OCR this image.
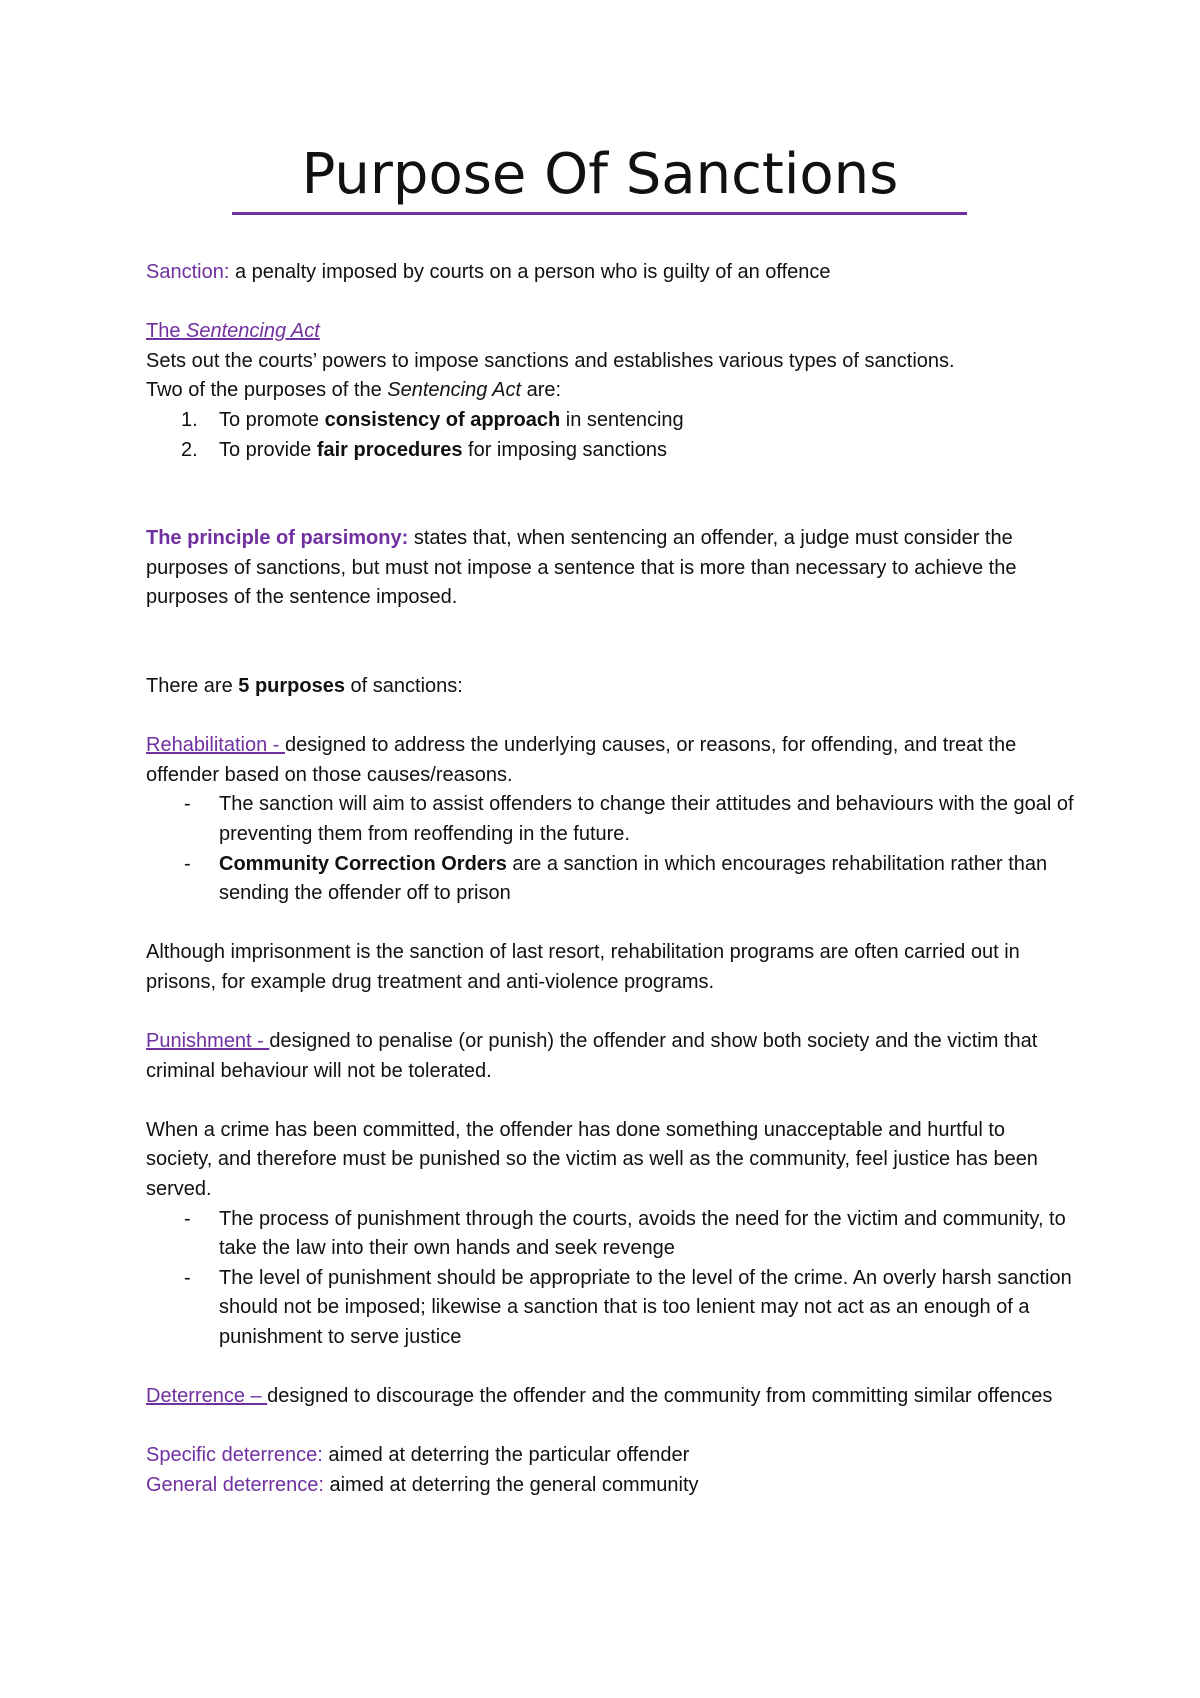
Purpose Of Sanctions

Sanction: a penalty imposed by courts on a person who is guilty of an offence

The Sentencing Act

Sets out the courts’ powers to impose sanctions and establishes various types of sanctions.

Two of the purposes of the Sentencing Act are:

1. To promote consistency of approach in sentencing
2. To provide fair procedures for imposing sanctions

The principle of parsimony: states that, when sentencing an offender, a judge must consider the purposes of sanctions, but must not impose a sentence that is more than necessary to achieve the purposes of the sentence imposed.

There are 5 purposes of sanctions:

Rehabilitation - designed to address the underlying causes, or reasons, for offending, and treat the offender based on those causes/reasons.

- The sanction will aim to assist offenders to change their attitudes and behaviours with the goal of preventing them from reoffending in the future.
- Community Correction Orders are a sanction in which encourages rehabilitation rather than sending the offender off to prison

Although imprisonment is the sanction of last resort, rehabilitation programs are often carried out in prisons, for example drug treatment and anti-violence programs.

Punishment - designed to penalise (or punish) the offender and show both society and the victim that criminal behaviour will not be tolerated.

When a crime has been committed, the offender has done something unacceptable and hurtful to society, and therefore must be punished so the victim as well as the community, feel justice has been served.

- The process of punishment through the courts, avoids the need for the victim and community, to take the law into their own hands and seek revenge
- The level of punishment should be appropriate to the level of the crime. An overly harsh sanction should not be imposed; likewise a sanction that is too lenient may not act as an enough of a punishment to serve justice

Deterrence – designed to discourage the offender and the community from committing similar offences

Specific deterrence: aimed at deterring the particular offender

General deterrence: aimed at deterring the general community
